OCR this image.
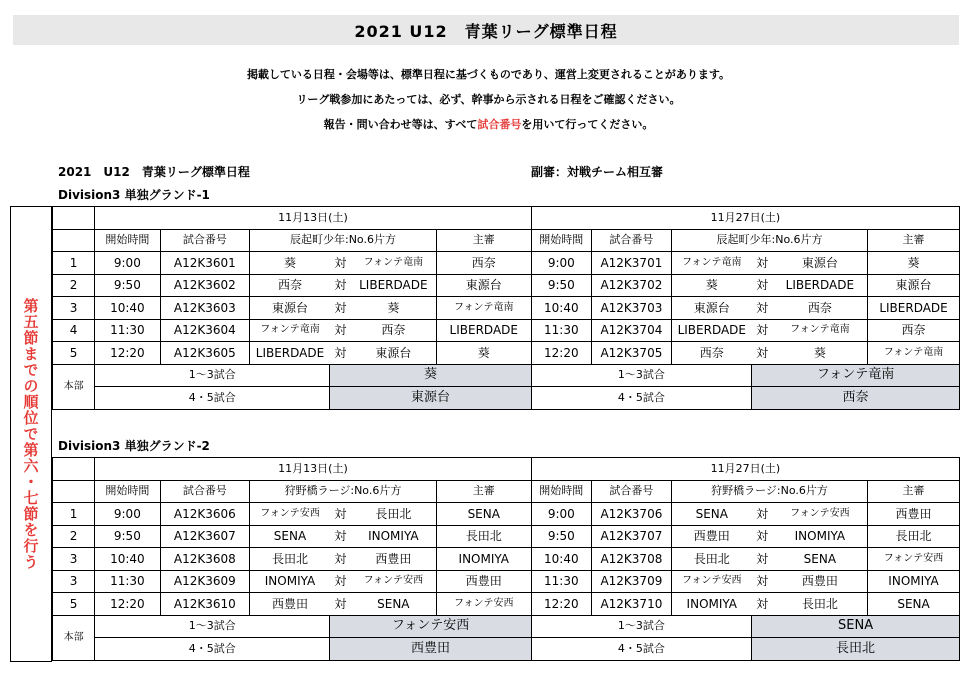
2021 U12　青葉リーグ標準日程
掲載している日程・会場等は、標準日程に基づくものであり、運営上変更されることがあります。
リーグ戦参加にあたっては、必ず、幹事から示される日程をご確認ください。
報告・問い合わせ等は、すべて試合番号を用いて行ってください。
2021　U12　青葉リーグ標準日程	副審：対戦チーム相互審
Division3 単独グランド-1
Division3 単独グランド-2
第五節までの順位で第六・七節を行う
	11月13日(土)						11月27日(土)					
	開始時間	試合番号	辰起町少年:No.6片方			主審	開始時間	試合番号	辰起町少年:No.6片方			主審
1	9:00	A12K3601	葵	対	フォンテ竜南	西奈	9:00	A12K3701	フォンテ竜南	対	東源台	葵
2	9:50	A12K3602	西奈	対	LIBERDADE	東源台	9:50	A12K3702	葵	対	LIBERDADE	東源台
3	10:40	A12K3603	東源台	対	葵	フォンテ竜南	10:40	A12K3703	東源台	対	西奈	LIBERDADE
4	11:30	A12K3604	フォンテ竜南	対	西奈	LIBERDADE	11:30	A12K3704	LIBERDADE	対	フォンテ竜南	西奈
5	12:20	A12K3605	LIBERDADE	対	東源台	葵	12:20	A12K3705	西奈	対	葵	フォンテ竜南
本部	1～3試合			葵			1～3試合			フォンテ竜南		
	4・5試合			東源台			4・5試合			西奈		
	11月13日(土)						11月27日(土)					
	開始時間	試合番号	狩野橋ラージ:No.6片方			主審	開始時間	試合番号	狩野橋ラージ:No.6片方			主審
1	9:00	A12K3606	フォンテ安西	対	長田北	SENA	9:00	A12K3706	SENA	対	フォンテ安西	西豊田
2	9:50	A12K3607	SENA	対	INOMIYA	長田北	9:50	A12K3707	西豊田	対	INOMIYA	長田北
3	10:40	A12K3608	長田北	対	西豊田	INOMIYA	10:40	A12K3708	長田北	対	SENA	フォンテ安西
3	11:30	A12K3609	INOMIYA	対	フォンテ安西	西豊田	11:30	A12K3709	フォンテ安西	対	西豊田	INOMIYA
5	12:20	A12K3610	西豊田	対	SENA	フォンテ安西	12:20	A12K3710	INOMIYA	対	長田北	SENA
本部	1～3試合			フォンテ安西			1～3試合			SENA		
	4・5試合			西豊田			4・5試合			長田北		
